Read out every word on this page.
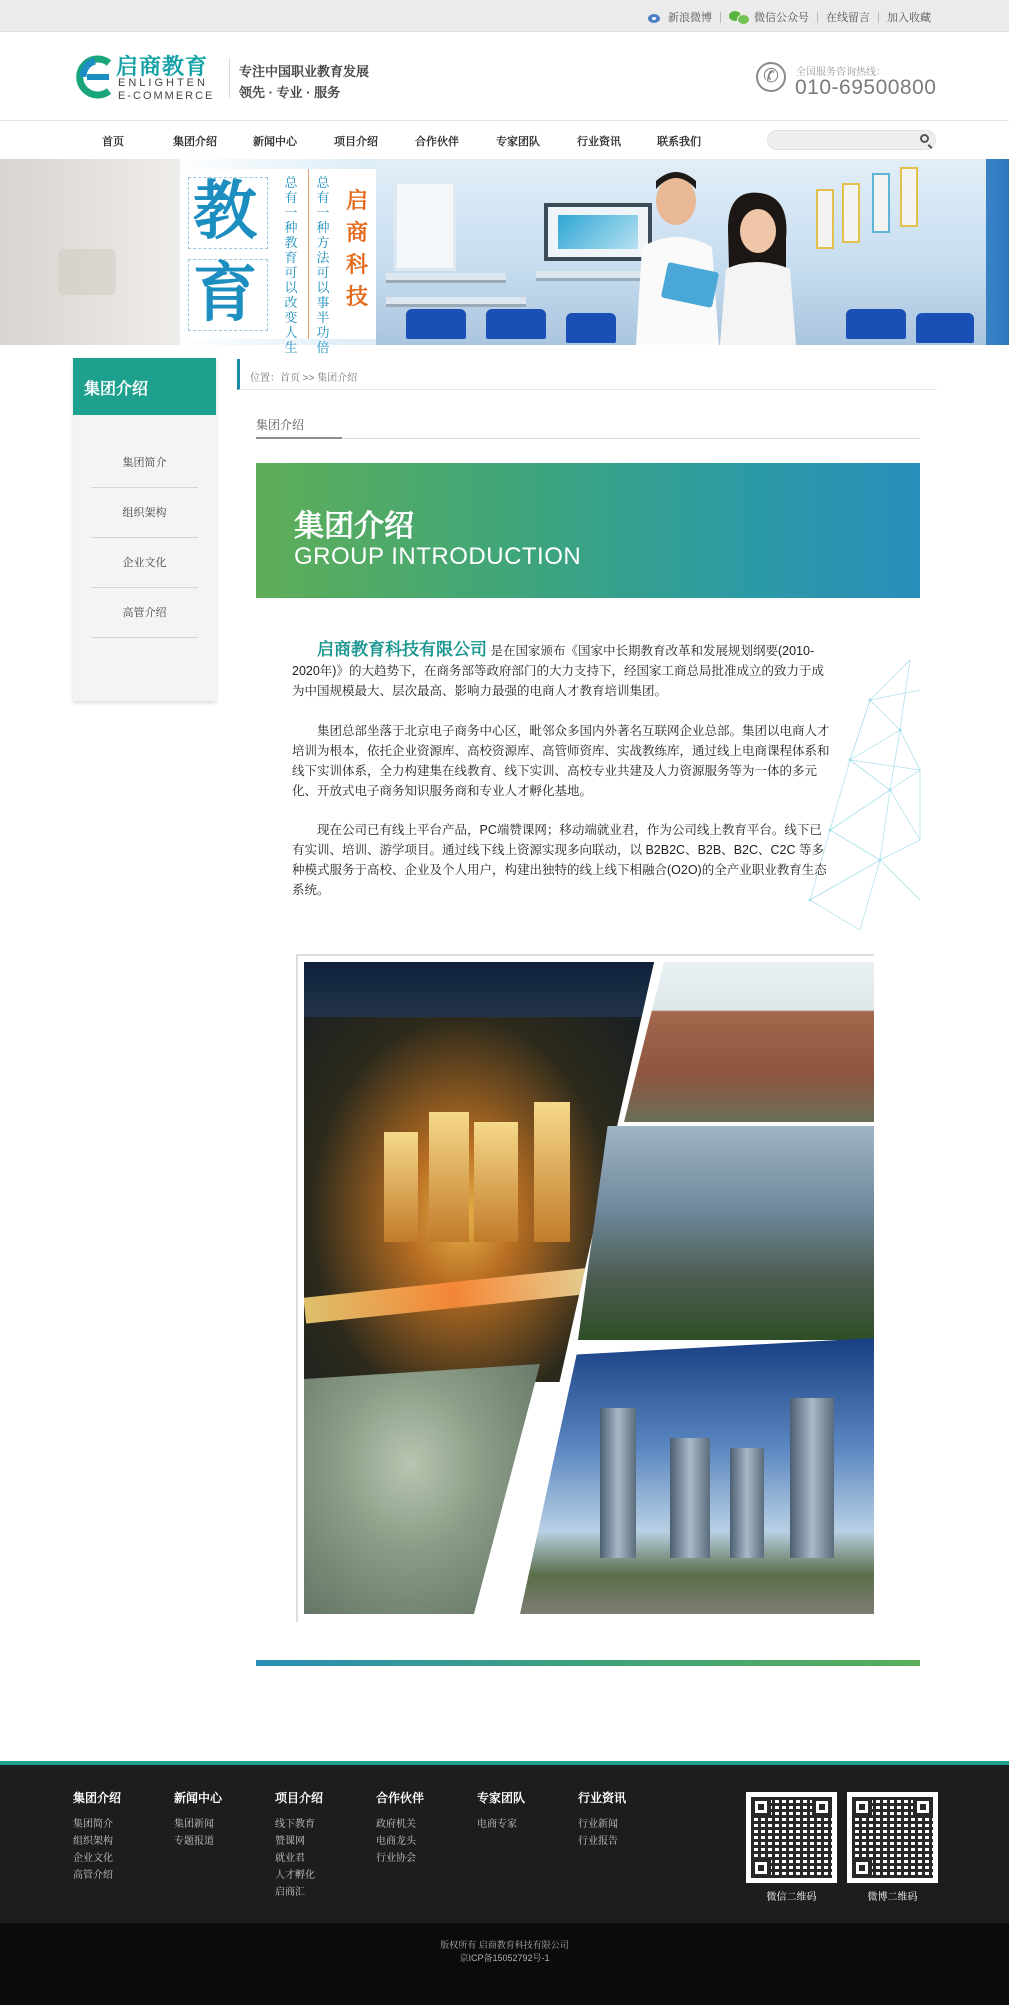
新浪微博	微信公众号 在线留言 加入收藏
启商教育
ENLIGHTEN
E-COMMERCE
专注中国职业教育发展
领先 · 专业 · 服务
✆
全国服务咨询热线：
010-69500800
首页	集团介绍	新闻中心	项目介绍	合作伙伴	专家团队	行业资讯	联系我们
教
育
总有一种教育可以改变人生
总有一种方法可以事半功倍
启商科技
集团介绍
集团简介
组织架构
企业文化
高管介绍
位置：首页 >> 集团介绍
集团介绍
集团介绍
GROUP INTRODUCTION

启商教育科技有限公司 是在国家颁布《国家中长期教育改革和发展规划纲要(2010-2020年)》的大趋势下，在商务部等政府部门的大力支持下，经国家工商总局批准成立的致力于成为中国规模最大、层次最高、影响力最强的电商人才教育培训集团。

集团总部坐落于北京电子商务中心区，毗邻众多国内外著名互联网企业总部。集团以电商人才培训为根本，依托企业资源库、高校资源库、高管师资库、实战教练库，通过线上电商课程体系和线下实训体系，全力构建集在线教育、线下实训、高校专业共建及人力资源服务等为一体的多元化、开放式电子商务知识服务商和专业人才孵化基地。

现在公司已有线上平台产品，PC端赞课网；移动端就业君，作为公司线上教育平台。线下已有实训、培训、游学项目。通过线下线上资源实现多向联动，以 B2B2C、B2B、B2C、C2C 等多种模式服务于高校、企业及个人用户，构建出独特的线上线下相融合(O2O)的全产业职业教育生态系统。

集团介绍
集团简介
组织架构
企业文化
高管介绍
新闻中心
集团新闻
专题报道
项目介绍
线下教育
赞课网
就业君
人才孵化
启商汇
合作伙伴
政府机关
电商龙头
行业协会
专家团队
电商专家
行业资讯
行业新闻
行业报告
微信二维码	微博二维码
版权所有 启商教育科技有限公司
京ICP备15052792号-1
